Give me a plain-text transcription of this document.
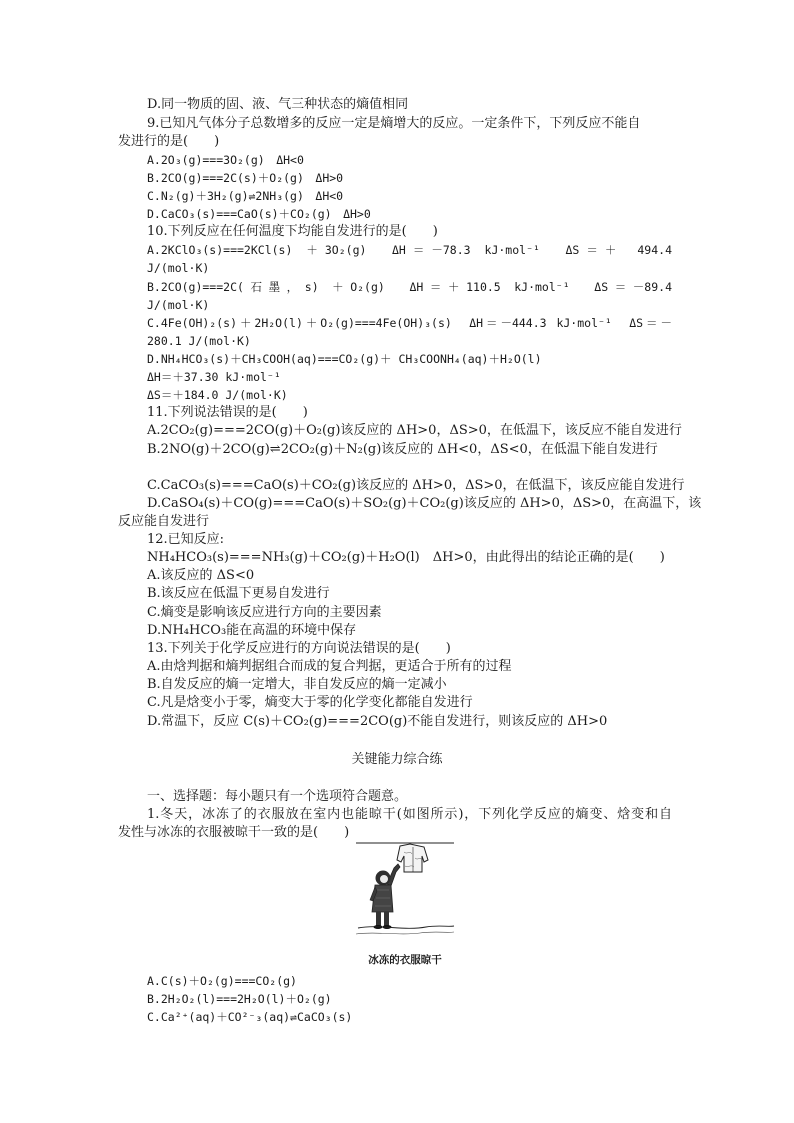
D.同一物质的固、液、气三种状态的熵值相同
9.已知凡气体分子总数增多的反应一定是熵增大的反应。一定条件下，下列反应不能自
发进行的是(　　)
A.2O₃(g)===3O₂(g)　ΔH<0
B.2CO(g)===2C(s)＋O₂(g)　ΔH>0
C.N₂(g)＋3H₂(g)⇌2NH₃(g)　ΔH<0
D.CaCO₃(s)===CaO(s)＋CO₂(g)　ΔH>0
10.下列反应在任何温度下均能自发进行的是(　　)
A.2KClO₃(s)===2KCl(s) ＋3O₂(g)　ΔH＝－78.3 kJ·mol⁻¹　ΔS＝＋ 494.4
J/(mol·K)
B.2CO(g)===2C(石墨，s) ＋O₂(g)　ΔH＝＋110.5 kJ·mol⁻¹　ΔS＝－89.4
J/(mol·K)
C.4Fe(OH)₂(s)＋2H₂O(l)＋O₂(g)===4Fe(OH)₃(s)　ΔH＝－444.3 kJ·mol⁻¹　ΔS＝－
280.1 J/(mol·K)
D.NH₄HCO₃(s)＋CH₃COOH(aq)===CO₂(g)＋ CH₃COONH₄(aq)＋H₂O(l)
ΔH＝＋37.30 kJ·mol⁻¹
ΔS＝＋184.0 J/(mol·K)
11.下列说法错误的是(　　)
A.2CO₂(g)===2CO(g)＋O₂(g)该反应的 ΔH>0，ΔS>0，在低温下，该反应不能自发进行
B.2NO(g)＋2CO(g)⇌2CO₂(g)＋N₂(g)该反应的 ΔH<0，ΔS<0，在低温下能自发进行
C.CaCO₃(s)===CaO(s)＋CO₂(g)该反应的 ΔH>0，ΔS>0，在低温下，该反应能自发进行
D.CaSO₄(s)＋CO(g)===CaO(s)＋SO₂(g)＋CO₂(g)该反应的 ΔH>0，ΔS>0，在高温下，该
反应能自发进行
12.已知反应:
NH₄HCO₃(s)===NH₃(g)＋CO₂(g)＋H₂O(l)　ΔH>0，由此得出的结论正确的是(　　)
A.该反应的 ΔS<0
B.该反应在低温下更易自发进行
C.熵变是影响该反应进行方向的主要因素
D.NH₄HCO₃能在高温的环境中保存
13.下列关于化学反应进行的方向说法错误的是(　　)
A.由焓判据和熵判据组合而成的复合判据，更适合于所有的过程
B.自发反应的熵一定增大，非自发反应的熵一定减小
C.凡是焓变小于零，熵变大于零的化学变化都能自发进行
D.常温下，反应 C(s)＋CO₂(g)===2CO(g)不能自发进行，则该反应的 ΔH>0
关键能力综合练
一、选择题：每小题只有一个选项符合题意。
1.冬天，冰冻了的衣服放在室内也能晾干(如图所示)，下列化学反应的熵变、焓变和自
发性与冰冻的衣服被晾干一致的是(　　)
冰冻的衣服晾干
A.C(s)＋O₂(g)===CO₂(g)
B.2H₂O₂(l)===2H₂O(l)＋O₂(g)
C.Ca²⁺(aq)＋CO²⁻₃(aq)⇌CaCO₃(s)
